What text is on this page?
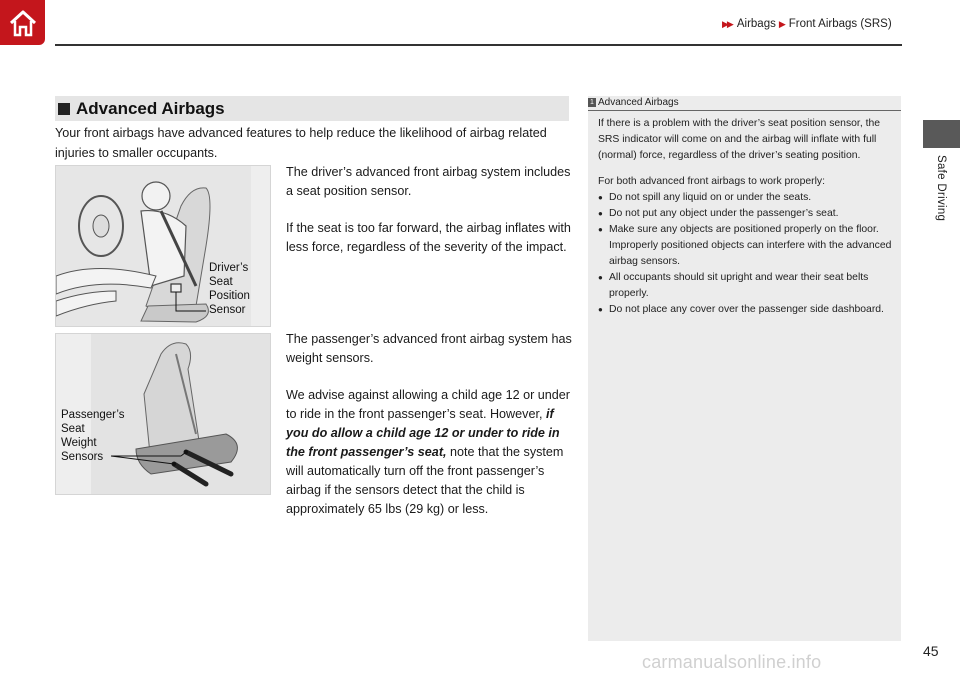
▶▶ Airbags ▶ Front Airbags (SRS)
Safe Driving
Advanced Airbags
Your front airbags have advanced features to help reduce the likelihood of airbag related injuries to smaller occupants.
Driver’s
Seat
Position
Sensor
Passenger’s
Seat
Weight
Sensors
The driver’s advanced front airbag system includes a seat position sensor.
If the seat is too far forward, the airbag inflates with less force, regardless of the severity of the impact.
The passenger’s advanced front airbag system has weight sensors.
We advise against allowing a child age 12 or under to ride in the front passenger’s seat. However, if you do allow a child age 12 or under to ride in the front passenger’s seat, note that the system will automatically turn off the front passenger’s airbag if the sensors detect that the child is approximately 65 lbs (29 kg) or less.
1 Advanced Airbags

If there is a problem with the driver’s seat position sensor, the SRS indicator will come on and the airbag will inflate with full (normal) force, regardless of the driver’s seating position.

For both advanced front airbags to work properly:

● Do not spill any liquid on or under the seats.
● Do not put any object under the passenger’s seat.
● Make sure any objects are positioned properly on the floor. Improperly positioned objects can interfere with the advanced airbag sensors.
● All occupants should sit upright and wear their seat belts properly.
● Do not place any cover over the passenger side dashboard.
45
carmanualsonline.info
